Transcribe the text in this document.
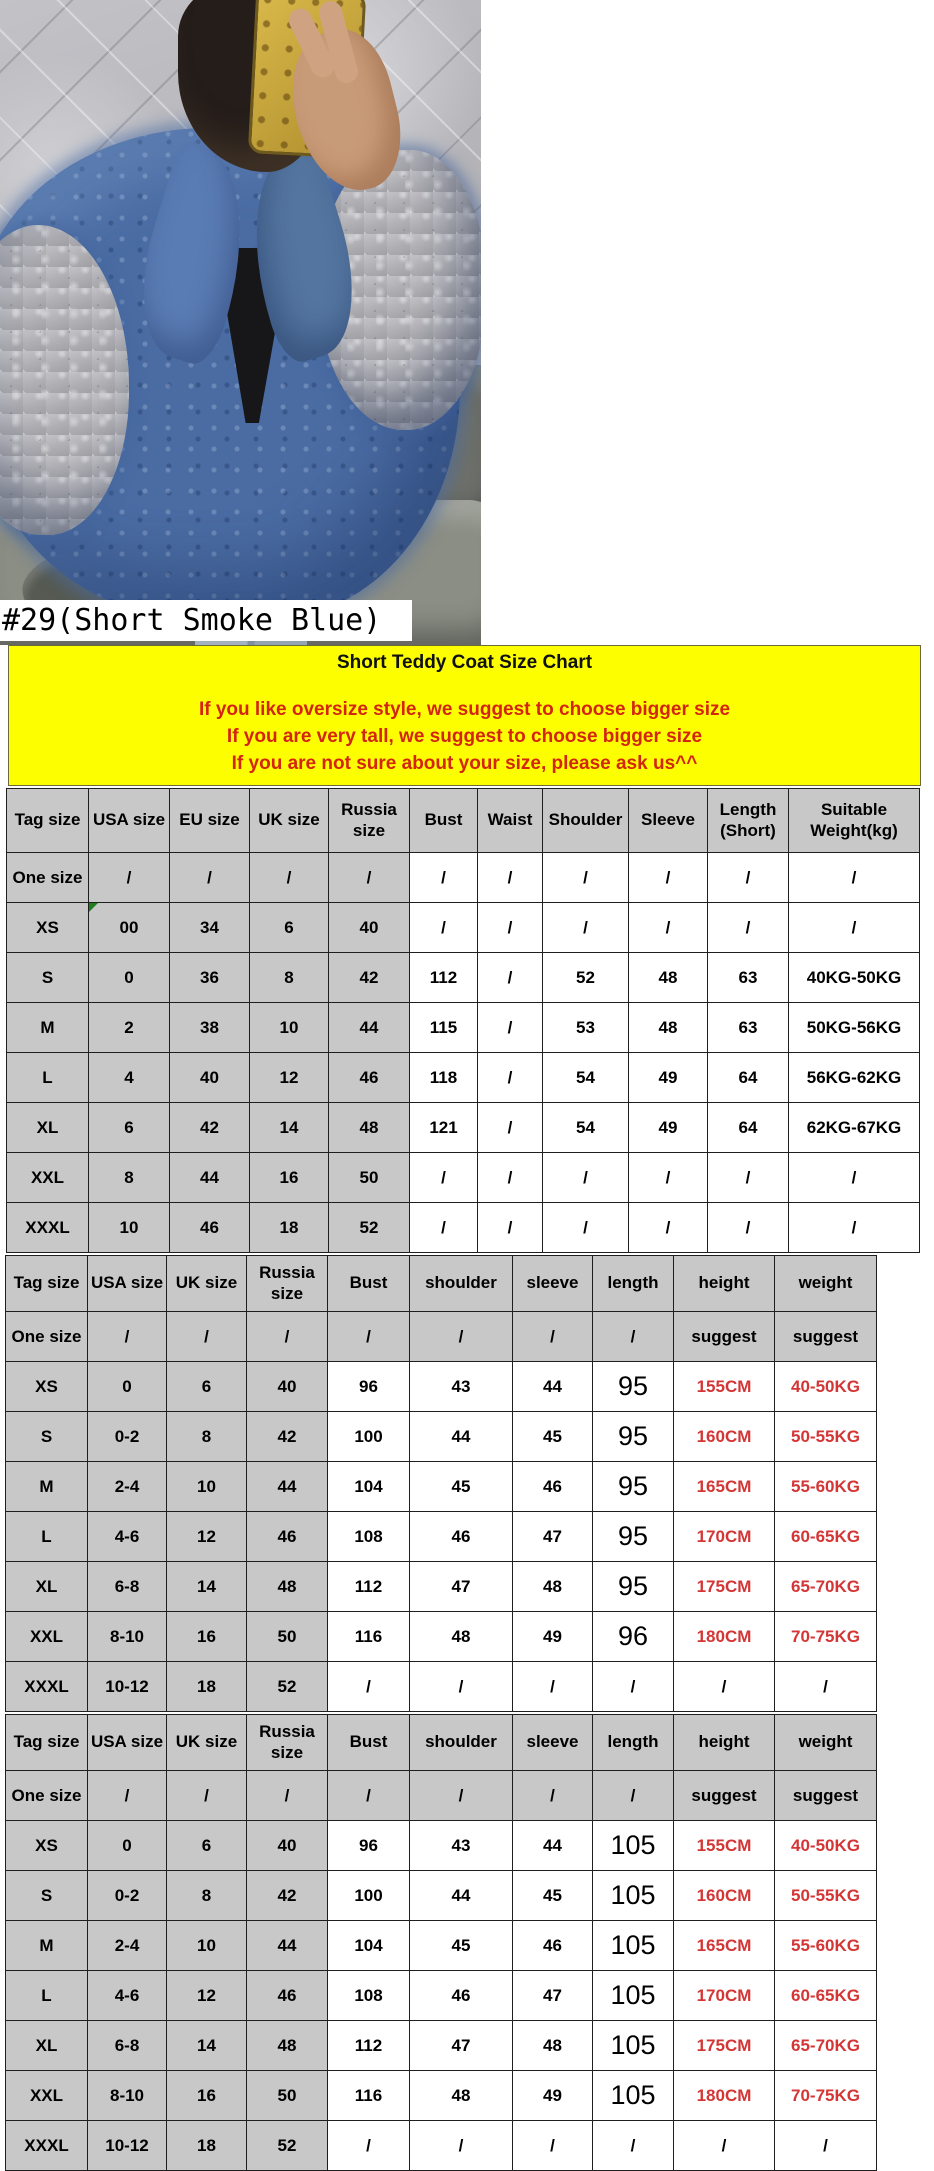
#29(Short Smoke Blue)
Short Teddy Coat Size Chart
If you like oversize style, we suggest to choose bigger size
If you are very tall, we suggest to choose bigger size
If you are not sure about your size, please ask us^^
Tag size	USA size	EU size	UK size	Russia size	Bust	Waist	Shoulder	Sleeve	Length (Short)	Suitable Weight(kg)
One size	/	/	/	/	/	/	/	/	/	/
XS	00	34	6	40	/	/	/	/	/	/
S	0	36	8	42	112	/	52	48	63	40KG-50KG
M	2	38	10	44	115	/	53	48	63	50KG-56KG
L	4	40	12	46	118	/	54	49	64	56KG-62KG
XL	6	42	14	48	121	/	54	49	64	62KG-67KG
XXL	8	44	16	50	/	/	/	/	/	/
XXXL	10	46	18	52	/	/	/	/	/	/
Tag size	USA size	UK size	Russia size	Bust	shoulder	sleeve	length	height	weight
One size	/	/	/	/	/	/	/	suggest	suggest
XS	0	6	40	96	43	44	95	155CM	40-50KG
S	0-2	8	42	100	44	45	95	160CM	50-55KG
M	2-4	10	44	104	45	46	95	165CM	55-60KG
L	4-6	12	46	108	46	47	95	170CM	60-65KG
XL	6-8	14	48	112	47	48	95	175CM	65-70KG
XXL	8-10	16	50	116	48	49	96	180CM	70-75KG
XXXL	10-12	18	52	/	/	/	/	/	/
Tag size	USA size	UK size	Russia size	Bust	shoulder	sleeve	length	height	weight
One size	/	/	/	/	/	/	/	suggest	suggest
XS	0	6	40	96	43	44	105	155CM	40-50KG
S	0-2	8	42	100	44	45	105	160CM	50-55KG
M	2-4	10	44	104	45	46	105	165CM	55-60KG
L	4-6	12	46	108	46	47	105	170CM	60-65KG
XL	6-8	14	48	112	47	48	105	175CM	65-70KG
XXL	8-10	16	50	116	48	49	105	180CM	70-75KG
XXXL	10-12	18	52	/	/	/	/	/	/
